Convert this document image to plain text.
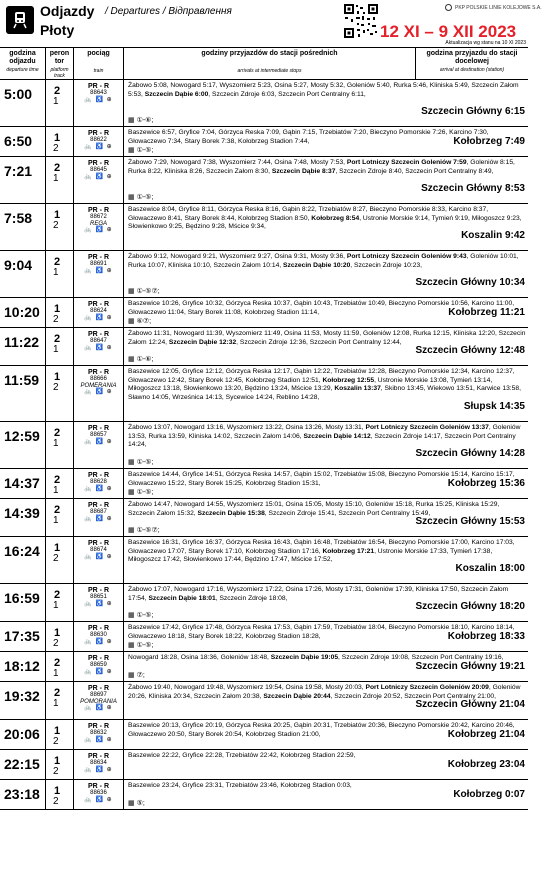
Odjazdy / Departures / Відправлення
Płoty
PKP POLSKIE LINIE KOLEJOWE S.A.
12 XI – 9 XII 2023
Aktualizacja wg stanu na 10 XI 2023
godzina odjazdu
departure time
peron tor
platform track
pociąg
train
godziny przyjazdów do stacji pośrednich
arrivals at intermediate stops
godzina przyjazdu do stacji docelowej
arrival at destination (station)
5:00 2
1
PR - R
88643
🚲 ♿ ⊕
Żabowo 5:08, Nowogard 5:17, Wyszomierz 5:23, Osina 5:27, Mosty 5:32, Goleniów 5:40, Rurka 5:46, Kliniska 5:49, Szczecin Załom 5:53, Szczecin Dąbie 6:00, Szczecin Zdroje 6:03, Szczecin Port Centralny 6:11,
▦ ①-⑥;
Szczecin Główny 6:15
6:50 1
2
PR - R
88622
🚲 ♿ ⊕
Baszewice 6:57, Gryfice 7:04, Górzyca Reska 7:09, Gąbin 7:15, Trzebiatów 7:20, Bieczyno Pomorskie 7:26, Karcino 7:30, Głowaczewo 7:34, Stary Borek 7:38, Kołobrzeg Stadion 7:44,
▦ ①-⑤;
Kołobrzeg 7:49
7:21 2
1
PR - R
88645
🚲 ♿ ⊕
Żabowo 7:29, Nowogard 7:38, Wyszomierz 7:44, Osina 7:48, Mosty 7:53, Port Lotniczy Szczecin Goleniów 7:59, Goleniów 8:15, Rurka 8:22, Kliniska 8:26, Szczecin Załom 8:30, Szczecin Dąbie 8:37, Szczecin Zdroje 8:40, Szczecin Port Centralny 8:49,
▦ ①-⑤;
Szczecin Główny 8:53
7:58 1
2
PR - R
88672
REGA
🚲 ♿ ⊕
Baszewice 8:04, Gryfice 8:11, Górzyca Reska 8:16, Gąbin 8:22, Trzebiatów 8:27, Bieczyno Pomorskie 8:33, Karcino 8:37, Głowaczewo 8:41, Stary Borek 8:44, Kołobrzeg Stadion 8:50, Kołobrzeg 8:54, Ustronie Morskie 9:14, Tymień 9:19, Miłogoszcz 9:23, Słowienkowo 9:25, Będzino 9:28, Mścice 9:34,
Koszalin 9:42
9:04 2
1
PR - R
88691
🚲 ♿ ⊕
Żabowo 9:12, Nowogard 9:21, Wyszomierz 9:27, Osina 9:31, Mosty 9:36, Port Lotniczy Szczecin Goleniów 9:43, Goleniów 10:01, Rurka 10:07, Kliniska 10:10, Szczecin Załom 10:14, Szczecin Dąbie 10:20, Szczecin Zdroje 10:23,
▦ ①-⑤⑦;
Szczecin Główny 10:34
10:20 1
2
PR - R
88624
🚲 ♿ ⊕
Baszewice 10:26, Gryfice 10:32, Górzyca Reska 10:37, Gąbin 10:43, Trzebiatów 10:49, Bieczyno Pomorskie 10:56, Karcino 11:00, Głowaczewo 11:04, Stary Borek 11:08, Kołobrzeg Stadion 11:14,
▦ ⑥⑦;
Kołobrzeg 11:21
11:22 2
1
PR - R
88647
🚲 ♿ ⊕
Żabowo 11:31, Nowogard 11:39, Wyszomierz 11:49, Osina 11:53, Mosty 11:59, Goleniów 12:08, Rurka 12:15, Kliniska 12:20, Szczecin Załom 12:24, Szczecin Dąbie 12:32, Szczecin Zdroje 12:36, Szczecin Port Centralny 12:44,
▦ ①-⑥;
Szczecin Główny 12:48
11:59 1
2
PR - R
88666
POMERANIA
🚲 ♿ ⊕
Baszewice 12:05, Gryfice 12:12, Górzyca Reska 12:17, Gąbin 12:22, Trzebiatów 12:28, Bieczyno Pomorskie 12:34, Karcino 12:37, Głowaczewo 12:42, Stary Borek 12:45, Kołobrzeg Stadion 12:51, Kołobrzeg 12:55, Ustronie Morskie 13:08, Tymień 13:14, Miłogoszcz 13:18, Słowienkowo 13:20, Będzino 13:24, Mścice 13:29, Koszalin 13:37, Skibno 13:45, Wiekowo 13:51, Karwice 13:58, Sławno 14:05, Wrześnica 14:13, Sycewice 14:24, Reblino 14:28,
Słupsk 14:35
12:59 2
1
PR - R
88657
🚲 ♿ ⊕
Żabowo 13:07, Nowogard 13:16, Wyszomierz 13:22, Osina 13:26, Mosty 13:31, Port Lotniczy Szczecin Goleniów 13:37, Goleniów 13:53, Rurka 13:59, Kliniska 14:02, Szczecin Załom 14:06, Szczecin Dąbie 14:12, Szczecin Zdroje 14:17, Szczecin Port Centralny 14:24,
▦ ①-⑤;
Szczecin Główny 14:28
14:37 2
1
PR - R
88628
🚲 ♿ ⊕
Baszewice 14:44, Gryfice 14:51, Górzyca Reska 14:57, Gąbin 15:02, Trzebiatów 15:08, Bieczyno Pomorskie 15:14, Karcino 15:17, Głowaczewo 15:22, Stary Borek 15:25, Kołobrzeg Stadion 15:31,
▦ ①-⑤;
Kołobrzeg 15:36
14:39 2
1
PR - R
88687
🚲 ♿ ⊕
Żabowo 14:47, Nowogard 14:55, Wyszomierz 15:01, Osina 15:05, Mosty 15:10, Goleniów 15:18, Rurka 15:25, Kliniska 15:29, Szczecin Załom 15:32, Szczecin Dąbie 15:38, Szczecin Zdroje 15:41, Szczecin Port Centralny 15:49,
▦ ①-⑤⑦;
Szczecin Główny 15:53
16:24 1
2
PR - R
88674
🚲 ♿ ⊕
Baszewice 16:31, Gryfice 16:37, Górzyca Reska 16:43, Gąbin 16:48, Trzebiatów 16:54, Bieczyno Pomorskie 17:00, Karcino 17:03, Głowaczewo 17:07, Stary Borek 17:10, Kołobrzeg Stadion 17:16, Kołobrzeg 17:21, Ustronie Morskie 17:33, Tymień 17:38, Miłogoszcz 17:42, Słowienkowo 17:44, Będzino 17:47, Mścice 17:52,
Koszalin 18:00
16:59 2
1
PR - R
88651
🚲 ♿ ⊕
Żabowo 17:07, Nowogard 17:16, Wyszomierz 17:22, Osina 17:26, Mosty 17:31, Goleniów 17:39, Kliniska 17:50, Szczecin Załom 17:54, Szczecin Dąbie 18:01, Szczecin Zdroje 18:08,
▦ ①-⑤;
Szczecin Główny 18:20
17:35 1
2
PR - R
88630
🚲 ♿ ⊕
Baszewice 17:42, Gryfice 17:48, Górzyca Reska 17:53, Gąbin 17:59, Trzebiatów 18:04, Bieczyno Pomorskie 18:10, Karcino 18:14, Głowaczewo 18:18, Stary Borek 18:22, Kołobrzeg Stadion 18:28,
▦ ①-⑤;
Kołobrzeg 18:33
18:12 2
1
PR - R
88659
🚲 ♿ ⊕
Nowogard 18:28, Osina 18:36, Goleniów 18:48, Szczecin Dąbie 19:05, Szczecin Zdroje 19:08, Szczecin Port Centralny 19:16,
▦ ⑦;
Szczecin Główny 19:21
19:32 2
1
PR - R
88697
POMORANIA
🚲 ♿ ⊕
Żabowo 19:40, Nowogard 19:48, Wyszomierz 19:54, Osina 19:58, Mosty 20:03, Port Lotniczy Szczecin Goleniów 20:09, Goleniów 20:26, Kliniska 20:34, Szczecin Załom 20:38, Szczecin Dąbie 20:44, Szczecin Zdroje 20:52, Szczecin Port Centralny 21:00,
Szczecin Główny 21:04
20:06 1
2
PR - R
88632
🚲 ♿ ⊕
Baszewice 20:13, Gryfice 20:19, Górzyca Reska 20:25, Gąbin 20:31, Trzebiatów 20:36, Bieczyno Pomorskie 20:42, Karcino 20:46, Głowaczewo 20:50, Stary Borek 20:54, Kołobrzeg Stadion 21:00,	Kołobrzeg 21:04
22:15 1
2
PR - R
88634
🚲 ♿ ⊕
Baszewice 22:22, Gryfice 22:28, Trzebiatów 22:42, Kołobrzeg Stadion 22:59,
Kołobrzeg 23:04
23:18 1
2
PR - R
88636
🚲 ♿ ⊕
Baszewice 23:24, Gryfice 23:31, Trzebiatów 23:46, Kołobrzeg Stadion 0:03,
▦ ⑤;
Kołobrzeg 0:07
